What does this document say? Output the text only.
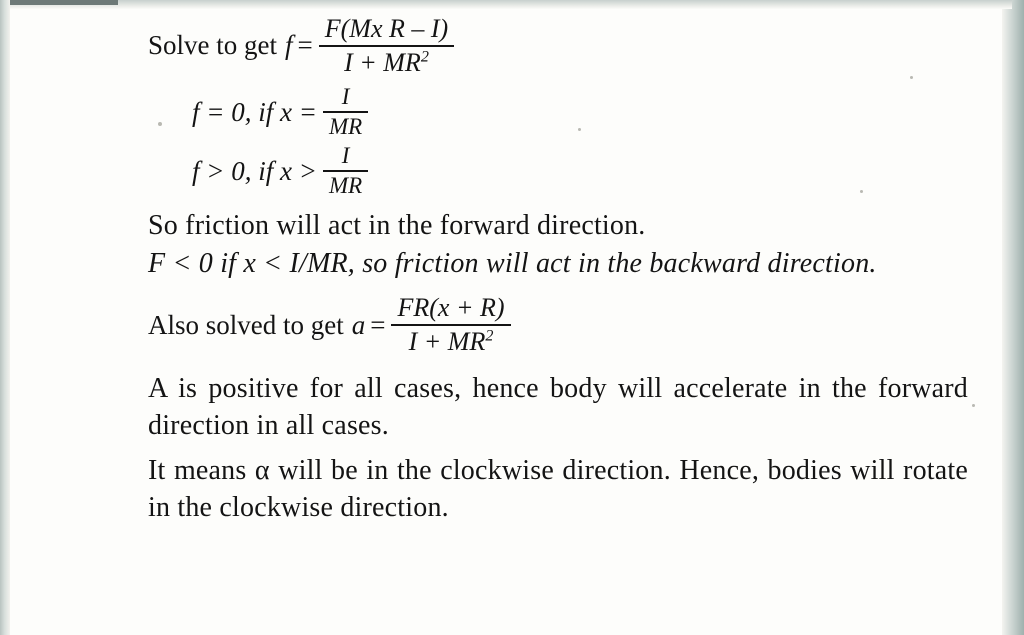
Solve to get $f = \frac{\text{F(Mx R – I)}}{I + MR^2}$
f = 0, if $x = \frac{I}{MR}$
f > 0, if $x > \frac{I}{MR}$
So friction will act in the forward direction.
F < 0 if x < I/MR, so friction will act in the backward direction.
Also solved to get $a = \frac{FR(x + R)}{I + MR^2}$
A is positive for all cases, hence body will accelerate in the forward direction in all cases.
It means α will be in the clockwise direction. Hence, bodies will rotate in the clockwise direction.
